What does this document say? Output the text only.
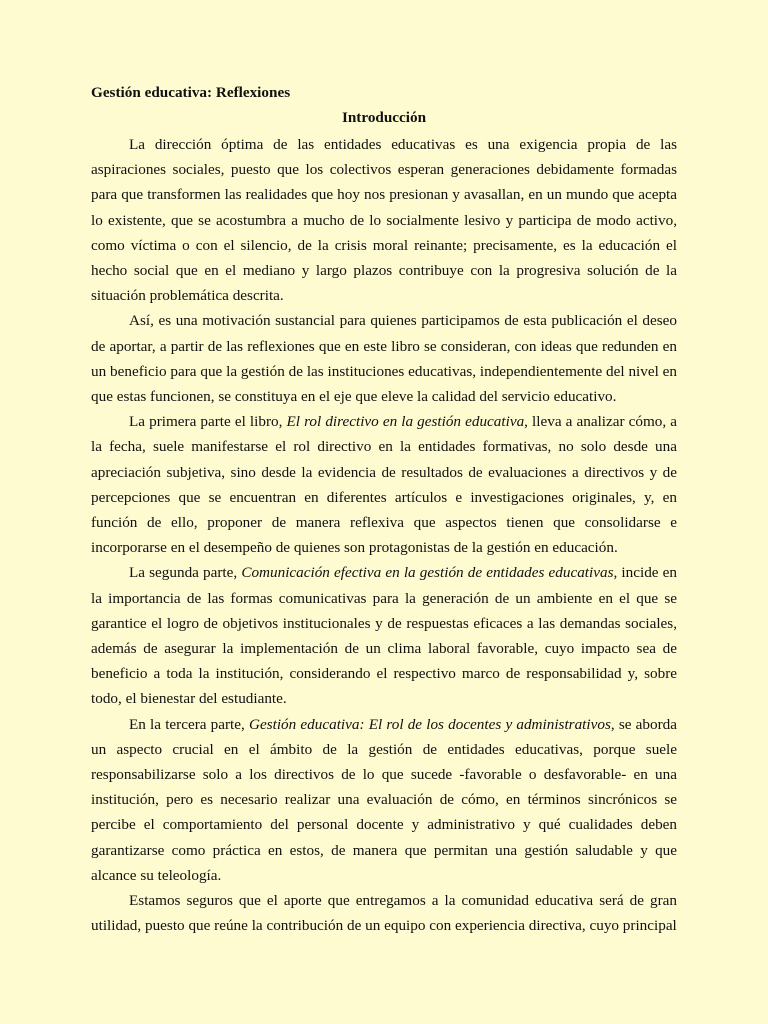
Gestión educativa: Reflexiones

Introducción

La dirección óptima de las entidades educativas es una exigencia propia de las aspiraciones sociales, puesto que los colectivos esperan generaciones debidamente formadas para que transformen las realidades que hoy nos presionan y avasallan, en un mundo que acepta lo existente, que se acostumbra a mucho de lo socialmente lesivo y participa de modo activo, como víctima o con el silencio, de la crisis moral reinante; precisamente, es la educación el hecho social que en el mediano y largo plazos contribuye con la progresiva solución de la situación problemática descrita.

Así, es una motivación sustancial para quienes participamos de esta publicación el deseo de aportar, a partir de las reflexiones que en este libro se consideran, con ideas que redunden en un beneficio para que la gestión de las instituciones educativas, independientemente del nivel en que estas funcionen, se constituya en el eje que eleve la calidad del servicio educativo.

La primera parte el libro, El rol directivo en la gestión educativa, lleva a analizar cómo, a la fecha, suele manifestarse el rol directivo en la entidades formativas, no solo desde una apreciación subjetiva, sino desde la evidencia de resultados de evaluaciones a directivos y de percepciones que se encuentran en diferentes artículos e investigaciones originales, y, en función de ello, proponer de manera reflexiva que aspectos tienen que consolidarse e incorporarse en el desempeño de quienes son protagonistas de la gestión en educación.

La segunda parte, Comunicación efectiva en la gestión de entidades educativas, incide en la importancia de las formas comunicativas para la generación de un ambiente en el que se garantice el logro de objetivos institucionales y de respuestas eficaces a las demandas sociales, además de asegurar la implementación de un clima laboral favorable, cuyo impacto sea de beneficio a toda la institución, considerando el respectivo marco de responsabilidad y, sobre todo, el bienestar del estudiante.

En la tercera parte, Gestión educativa: El rol de los docentes y administrativos, se aborda un aspecto crucial en el ámbito de la gestión de entidades educativas, porque suele responsabilizarse solo a los directivos de lo que sucede -favorable o desfavorable- en una institución, pero es necesario realizar una evaluación de cómo, en términos sincrónicos se percibe el comportamiento del personal docente y administrativo y qué cualidades deben garantizarse como práctica en estos, de manera que permitan una gestión saludable y que alcance su teleología.

Estamos seguros que el aporte que entregamos a la comunidad educativa será de gran utilidad, puesto que reúne la contribución de un equipo con experiencia directiva, cuyo principal
